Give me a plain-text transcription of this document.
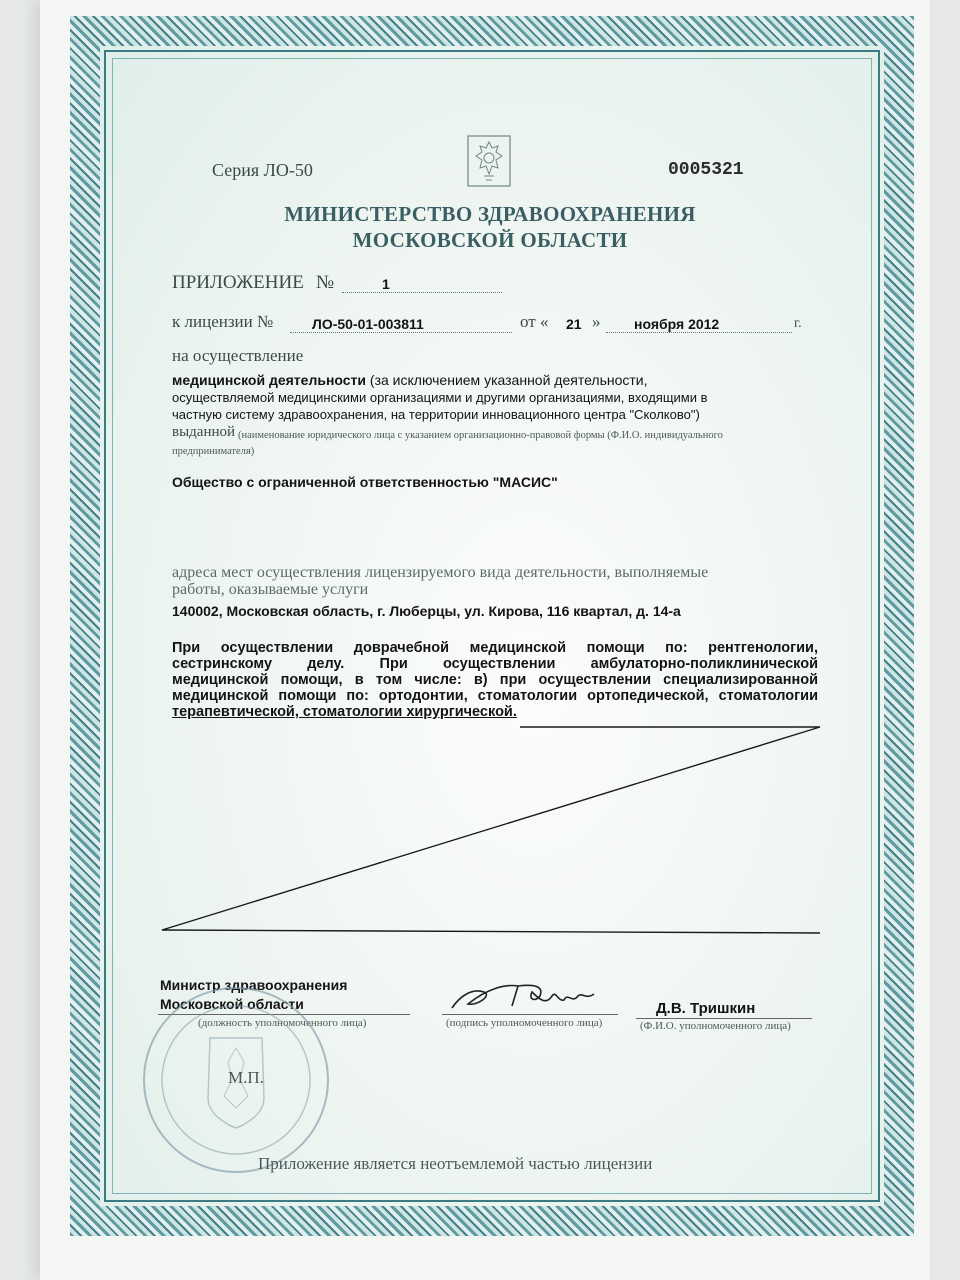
Серия ЛО-50	0005321
МИНИСТЕРСТВО ЗДРАВООХРАНЕНИЯ
МОСКОВСКОЙ ОБЛАСТИ
ПРИЛОЖЕНИЕ №	1
к лицензии №	ЛО-50-01-003811	от « 21 » ноября 2012	г.
на осуществление
медицинской деятельности (за исключением указанной деятельности,
осуществляемой медицинскими организациями и другими организациями, входящими в
частную систему здравоохранения, на территории инновационного центра "Сколково")
выданной (наименование юридического лица с указанием организационно-правовой формы (Ф.И.О. индивидуального
предпринимателя)
Общество с ограниченной ответственностью "МАСИС"
адреса мест осуществления лицензируемого вида деятельности, выполняемые
работы, оказываемые услуги
140002, Московская область, г. Люберцы, ул. Кирова, 116 квартал, д. 14-а
При осуществлении доврачебной медицинской помощи по: рентгенологии,
сестринскому делу. При осуществлении амбулаторно-поликлинической
медицинской помощи, в том числе: в) при осуществлении специализированной
медицинской помощи по: ортодонтии, стоматологии ортопедической, стоматологии
терапевтической, стоматологии хирургической.
Министр здравоохранения
Московской области
(должность уполномоченного лица)	(подпись уполномоченного лица)
Д.В. Тришкин
(Ф.И.О. уполномоченного лица)
М.П.
Приложение является неотъемлемой частью лицензии
